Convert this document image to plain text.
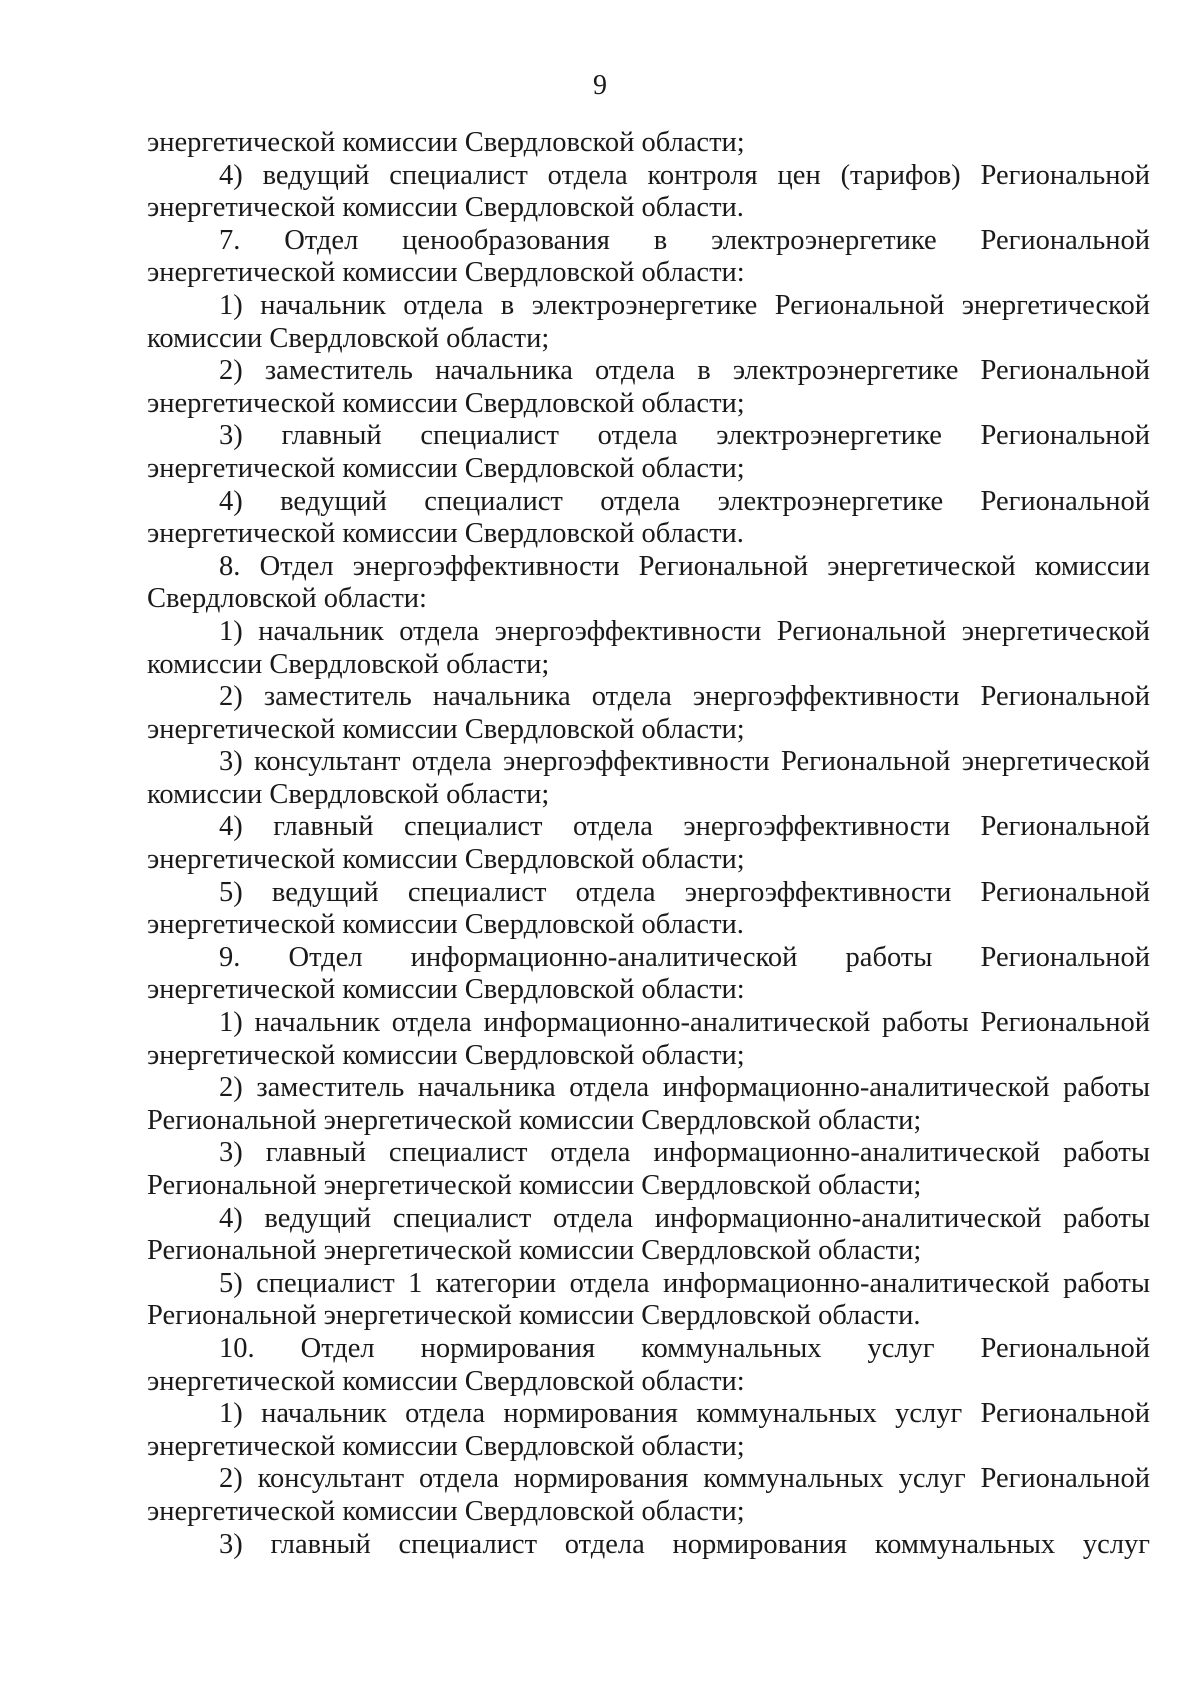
9

энергетической комиссии Свердловской области;

4) ведущий специалист отдела контроля цен (тарифов) Региональной энергетической комиссии Свердловской области.

7. Отдел ценообразования в электроэнергетике Региональной энергетической комиссии Свердловской области:

1) начальник отдела в электроэнергетике Региональной энергетической комиссии Свердловской области;

2) заместитель начальника отдела в электроэнергетике Региональной энергетической комиссии Свердловской области;

3) главный специалист отдела электроэнергетике Региональной энергетической комиссии Свердловской области;

4) ведущий специалист отдела электроэнергетике Региональной энергетической комиссии Свердловской области.

8. Отдел энергоэффективности Региональной энергетической комиссии Свердловской области:

1) начальник отдела энергоэффективности Региональной энергетической комиссии Свердловской области;

2) заместитель начальника отдела энергоэффективности Региональной энергетической комиссии Свердловской области;

3) консультант отдела энергоэффективности Региональной энергетической комиссии Свердловской области;

4) главный специалист отдела энергоэффективности Региональной энергетической комиссии Свердловской области;

5) ведущий специалист отдела энергоэффективности Региональной энергетической комиссии Свердловской области.

9. Отдел информационно-аналитической работы Региональной энергетической комиссии Свердловской области:

1) начальник отдела информационно-аналитической работы Региональной энергетической комиссии Свердловской области;

2) заместитель начальника отдела информационно-аналитической работы Региональной энергетической комиссии Свердловской области;

3) главный специалист отдела информационно-аналитической работы Региональной энергетической комиссии Свердловской области;

4) ведущий специалист отдела информационно-аналитической работы Региональной энергетической комиссии Свердловской области;

5) специалист 1 категории отдела информационно-аналитической работы Региональной энергетической комиссии Свердловской области.

10. Отдел нормирования коммунальных услуг Региональной энергетической комиссии Свердловской области:

1) начальник отдела нормирования коммунальных услуг Региональной энергетической комиссии Свердловской области;

2) консультант отдела нормирования коммунальных услуг Региональной энергетической комиссии Свердловской области;

3) главный специалист отдела нормирования коммунальных услуг
